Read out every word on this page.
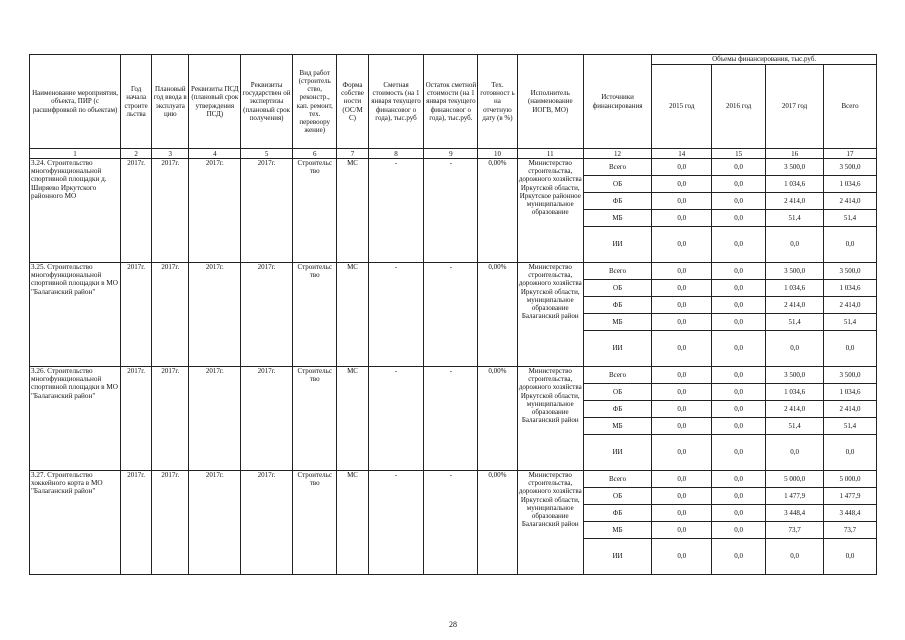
Наименование мероприятия, объекта, ПИР (с расшифровкой по объектам)	Год начала строите льства	Плановый год ввода в эксплуата цию	Реквизиты ПСД (плановый срок утверждения ПСД)	Реквизиты государствен ой экспертизы (плановый срок получения)	Вид работ (строитель ство, реконстр., кап. ремонт, тех. перевоору жение)	Форма собстве ности (ОС/М С)	Сметная стоимость (на 1 января текущего финансовог о года), тыс.руб	Остаток сметной стоимости (на 1 января текущего финансовог о года), тыс.руб.	Тех. готовност ь на отчетную дату (в %)	Исполнитель (наименование ИОГВ, МО)	Источники финансирования	Объемы финансирования, тыс.руб.			
												2015 год	2016 год	2017 год	Всего
1	2	3	4	5	6	7	8	9	10	11	12	14	15	16	17
3.24. Строительство многофункциональной спортивной площадки д. Ширяево Иркутского районного МО	2017г.	2017г.	2017г.	2017г.	Строительс тво	МС	-	-	0,00%	Министерство строительства, дорожного хозяйства Иркутской области, Иркутское районное муниципальное образование	Всего	0,0	0,0	3 500,0	3 500,0
											ОБ	0,0	0,0	1 034,6	1 034,6
											ФБ	0,0	0,0	2 414,0	2 414,0
											МБ	0,0	0,0	51,4	51,4
											ИИ	0,0	0,0	0,0	0,0
3.25. Строительство многофункциональной спортивной площадки в МО "Балаганский район"	2017г.	2017г.	2017г.	2017г.	Строительс тво	МС	-	-	0,00%	Министерство строительства, дорожного хозяйства Иркутской области, муниципальное образование Балаганский район	Всего	0,0	0,0	3 500,0	3 500,0
											ОБ	0,0	0,0	1 034,6	1 034,6
											ФБ	0,0	0,0	2 414,0	2 414,0
											МБ	0,0	0,0	51,4	51,4
											ИИ	0,0	0,0	0,0	0,0
3.26. Строительство многофункциональной спортивной площадки в МО "Балаганский район"	2017г.	2017г.	2017г.	2017г.	Строительс тво	МС	-	-	0,00%	Министерство строительства, дорожного хозяйства Иркутской области, муниципальное образование Балаганский район	Всего	0,0	0,0	3 500,0	3 500,0
											ОБ	0,0	0,0	1 034,6	1 034,6
											ФБ	0,0	0,0	2 414,0	2 414,0
											МБ	0,0	0,0	51,4	51,4
											ИИ	0,0	0,0	0,0	0,0
3.27. Строительство хоккейного корта в МО "Балаганский район"	2017г.	2017г.	2017г.	2017г.	Строительс тво	МС	-	-	0,00%	Министерство строительства, дорожного хозяйства Иркутской области, муниципальное образование Балаганский район	Всего	0,0	0,0	5 000,0	5 000,0
											ОБ	0,0	0,0	1 477,9	1 477,9
											ФБ	0,0	0,0	3 448,4	3 448,4
											МБ	0,0	0,0	73,7	73,7
											ИИ	0,0	0,0	0,0	0,0
28
